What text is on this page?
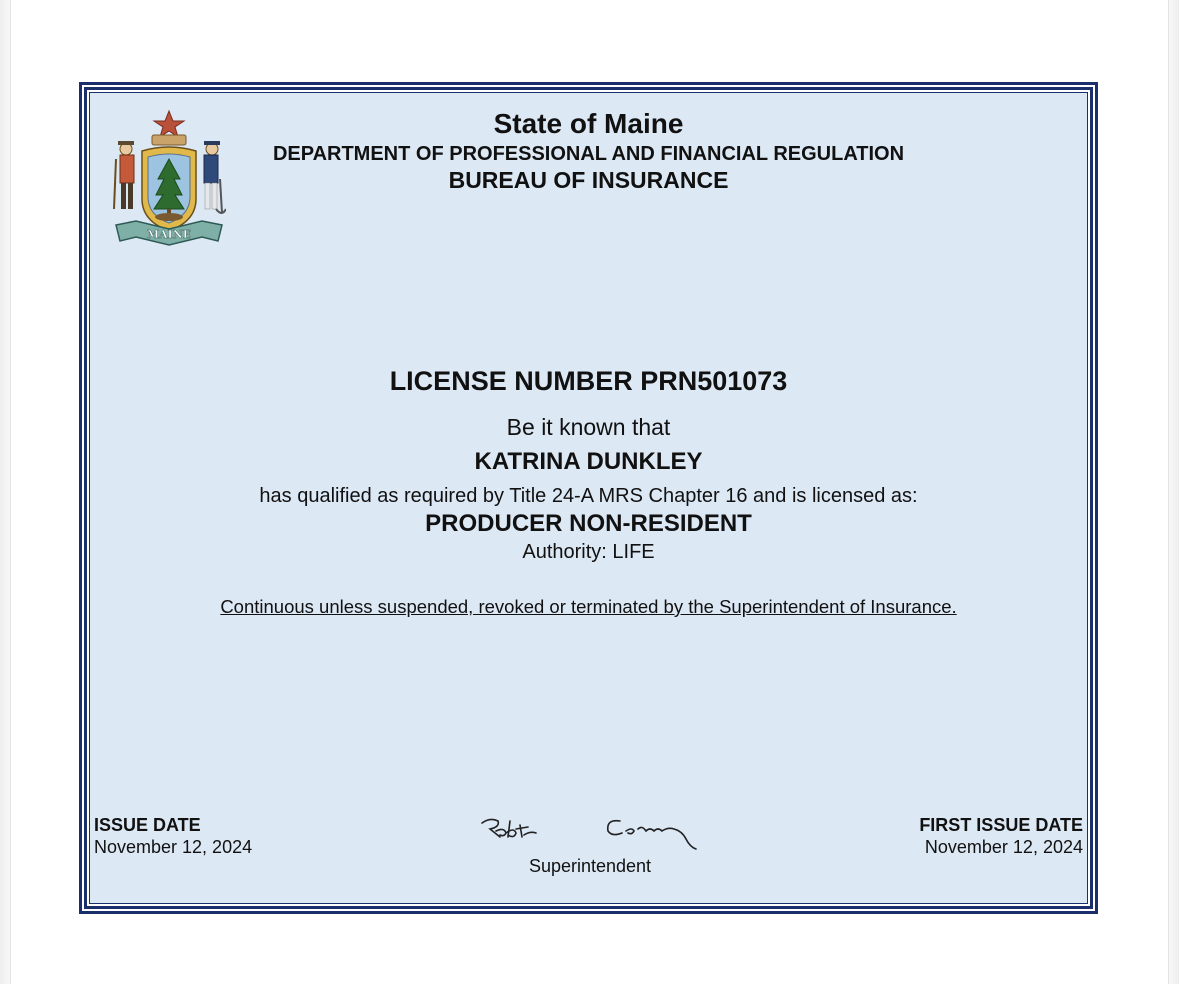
MAINE
State of Maine
DEPARTMENT OF PROFESSIONAL AND FINANCIAL REGULATION
BUREAU OF INSURANCE
LICENSE NUMBER PRN501073
Be it known that
KATRINA DUNKLEY
has qualified as required by Title 24-A MRS Chapter 16 and is licensed as:
PRODUCER NON-RESIDENT
Authority: LIFE
Continuous unless suspended, revoked or terminated by the Superintendent of Insurance.
ISSUE DATE
November 12, 2024
Superintendent
FIRST ISSUE DATE
November 12, 2024
